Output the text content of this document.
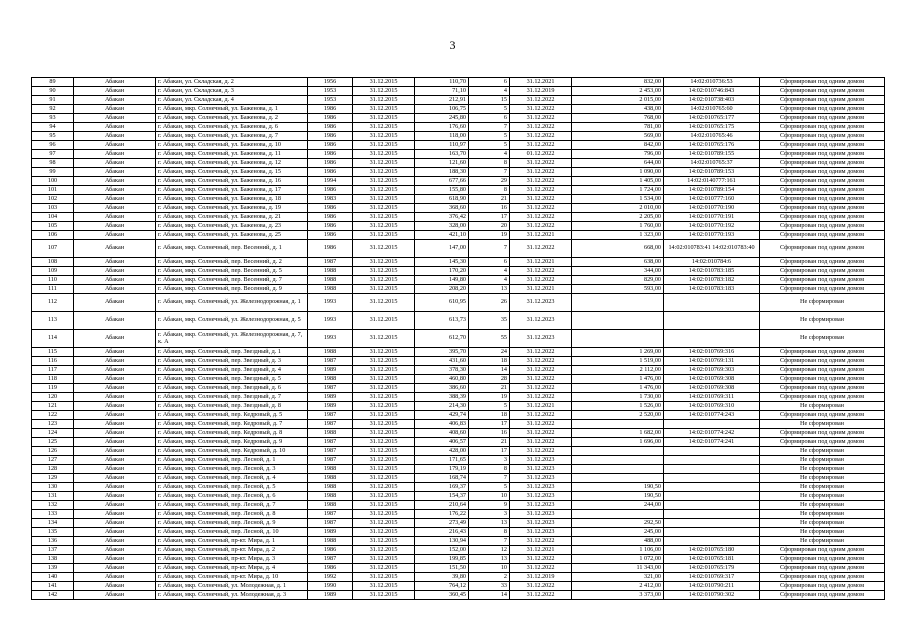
3
89	Абакан	г. Абакан, ул. Складская, д. 2	1956	31.12.2015	110,70	6	31.12.2021	832,00	14:02:010736:53	Сформирован под одним домом
90	Абакан	г. Абакан, ул. Складская, д. 3	1953	31.12.2015	71,10	4	31.12.2019	2 453,00	14:02:010746:843	Сформирован под одним домом
91	Абакан	г. Абакан, ул. Складская, д. 4	1953	31.12.2015	212,91	15	31.12.2022	2 015,00	14:02:010738:403	Сформирован под одним домом
92	Абакан	г. Абакан, мкр. Солнечный, ул. Баженова, д. 1	1986	31.12.2015	106,75	5	31.12.2022	438,00	14:02:010765:60	Сформирован под одним домом
93	Абакан	г. Абакан, мкр. Солнечный, ул. Баженова, д. 2	1986	31.12.2015	245,80	6	31.12.2022	768,00	14:02:010765:177	Сформирован под одним домом
94	Абакан	г. Абакан, мкр. Солнечный, ул. Баженова, д. 6	1986	31.12.2015	176,60	7	31.12.2022	781,00	14:02:010765:175	Сформирован под одним домом
95	Абакан	г. Абакан, мкр. Солнечный, ул. Баженова, д. 7	1986	31.12.2015	118,00	5	31.12.2022	569,00	14:02:010765:46	Сформирован под одним домом
96	Абакан	г. Абакан, мкр. Солнечный, ул. Баженова, д. 10	1986	31.12.2015	110,97	5	31.12.2022	842,00	14:02:010765:176	Сформирован под одним домом
97	Абакан	г. Абакан, мкр. Солнечный, ул. Баженова, д. 11	1986	31.12.2015	163,70	4	01.12.2022	796,00	14:02:010789:155	Сформирован под одним домом
98	Абакан	г. Абакан, мкр. Солнечный, ул. Баженова, д. 12	1986	31.12.2015	121,60	8	31.12.2022	644,00	14:02:010765:37	Сформирован под одним домом
99	Абакан	г. Абакан, мкр. Солнечный, ул. Баженова, д. 15	1986	31.12.2015	188,30	7	31.12.2022	1 090,00	14:02:010789:153	Сформирован под одним домом
100	Абакан	г. Абакан, мкр. Солнечный, ул. Баженова, д. 16	1994	31.12.2015	677,66	29	31.12.2022	1 405,00	14:02:0140777:161	Сформирован под одним домом
101	Абакан	г. Абакан, мкр. Солнечный, ул. Баженова, д. 17	1986	31.12.2015	155,80	8	31.12.2022	1 724,00	14:02:010789:154	Сформирован под одним домом
102	Абакан	г. Абакан, мкр. Солнечный, ул. Баженова, д. 18	1983	31.12.2015	618,90	21	31.12.2022	1 534,00	14:02:010777:160	Сформирован под одним домом
103	Абакан	г. Абакан, мкр. Солнечный, ул. Баженова, д. 19	1986	31.12.2015	368,60	16	31.12.2022	2 010,00	14:02:010770:190	Сформирован под одним домом
104	Абакан	г. Абакан, мкр. Солнечный, ул. Баженова, д. 21	1986	31.12.2015	376,42	17	31.12.2022	2 205,00	14:02:010770:191	Сформирован под одним домом
105	Абакан	г. Абакан, мкр. Солнечный, ул. Баженова, д. 23	1986	31.12.2015	328,00	20	31.12.2022	1 760,00	14:02:010770:192	Сформирован под одним домом
106	Абакан	г. Абакан, мкр. Солнечный, ул. Баженова, д. 25	1986	31.12.2015	421,10	19	31.12.2021	1 323,00	14:02:010770:193	Сформирован под одним домом
107	Абакан	г. Абакан, мкр. Солнечный, пер. Весенний, д. 1	1986	31.12.2015	147,00	7	31.12.2022	668,00	14:02:010783:41 14:02:010783:40	Сформирован под одним домом
108	Абакан	г. Абакан, мкр. Солнечный, пер. Весенний, д. 2	1987	31.12.2015	145,30	6	31.12.2021	638,00	14:02:010784:6	Сформирован под одним домом
109	Абакан	г. Абакан, мкр. Солнечный, пер. Весенний, д. 5	1988	31.12.2015	170,20	4	31.12.2022	344,00	14:02:010783:185	Сформирован под одним домом
110	Абакан	г. Абакан, мкр. Солнечный, пер. Весенний, д. 7	1988	31.12.2015	149,80	4	31.12.2022	829,00	14:02:010783:182	Сформирован под одним домом
111	Абакан	г. Абакан, мкр. Солнечный, пер. Весенний, д. 9	1988	31.12.2015	208,20	13	31.12.2021	593,00	14:02:010783:183	Сформирован под одним домом
112	Абакан	г. Абакан, мкр. Солнечный, ул. Железнодорожная, д. 1	1993	31.12.2015	610,95	26	31.12.2023			Не сформирован
113	Абакан	г. Абакан, мкр. Солнечный, ул. Железнодорожная, д. 5	1993	31.12.2015	613,73	35	31.12.2023			Не сформирован
114	Абакан	г. Абакан, мкр. Солнечный, ул. Железнодорожная, д. 7, к. А	1993	31.12.2015	612,70	55	31.12.2023			Не сформирован
115	Абакан	г. Абакан, мкр. Солнечный, пер. Звездный, д. 1	1988	31.12.2015	395,70	24	31.12.2022	1 269,00	14:02:010769:316	Сформирован под одним домом
116	Абакан	г. Абакан, мкр. Солнечный, пер. Звездный, д. 3	1987	31.12.2015	431,60	18	31.12.2022	1 519,00	14:02:010769:131	Сформирован под одним домом
117	Абакан	г. Абакан, мкр. Солнечный, пер. Звездный, д. 4	1989	31.12.2015	378,30	14	31.12.2022	2 112,00	14:02:010769:303	Сформирован под одним домом
118	Абакан	г. Абакан, мкр. Солнечный, пер. Звездный, д. 5	1988	31.12.2015	460,80	28	31.12.2022	1 476,00	14:02:010769:308	Сформирован под одним домом
119	Абакан	г. Абакан, мкр. Солнечный, пер. Звездный, д. 6	1987	31.12.2015	386,60	21	31.12.2022	1 476,00	14:02:010769:308	Сформирован под одним домом
120	Абакан	г. Абакан, мкр. Солнечный, пер. Звездный, д. 7	1989	31.12.2015	388,39	19	31.12.2022	1 730,00	14:02:010769:311	Сформирован под одним домом
121	Абакан	г. Абакан, мкр. Солнечный, пер. Звездный, д. 8	1989	31.12.2015	214,30	5	31.12.2021	1 526,00	14:02:010769:310	Не сформирован
122	Абакан	г. Абакан, мкр. Солнечный, пер. Кедровый, д. 5	1987	31.12.2015	429,74	18	31.12.2022	2 520,00	14:02:010774:243	Сформирован под одним домом
123	Абакан	г. Абакан, мкр. Солнечный, пер. Кедровый, д. 7	1987	31.12.2015	406,83	17	31.12.2022			Не сформирован
124	Абакан	г. Абакан, мкр. Солнечный, пер. Кедровый, д. 8	1988	31.12.2015	408,60	16	31.12.2022	1 682,00	14:02:010774:242	Сформирован под одним домом
125	Абакан	г. Абакан, мкр. Солнечный, пер. Кедровый, д. 9	1987	31.12.2015	406,57	21	31.12.2022	1 696,00	14:02:010774:241	Сформирован под одним домом
126	Абакан	г. Абакан, мкр. Солнечный, пер. Кедровый, д. 10	1987	31.12.2015	428,00	17	31.12.2022			Не сформирован
127	Абакан	г. Абакан, мкр. Солнечный, пер. Лесной, д. 1	1987	31.12.2015	171,65	3	31.12.2023			Не сформирован
128	Абакан	г. Абакан, мкр. Солнечный, пер. Лесной, д. 3	1988	31.12.2015	179,19	8	31.12.2023			Не сформирован
129	Абакан	г. Абакан, мкр. Солнечный, пер. Лесной, д. 4	1988	31.12.2015	168,74	7	31.12.2023			Не сформирован
130	Абакан	г. Абакан, мкр. Солнечный, пер. Лесной, д. 5	1988	31.12.2015	169,37	5	31.12.2023	190,50		Не сформирован
131	Абакан	г. Абакан, мкр. Солнечный, пер. Лесной, д. 6	1988	31.12.2015	154,37	10	31.12.2023	190,50		Не сформирован
132	Абакан	г. Абакан, мкр. Солнечный, пер. Лесной, д. 7	1988	31.12.2015	210,64	9	31.12.2023	244,00		Не сформирован
133	Абакан	г. Абакан, мкр. Солнечный, пер. Лесной, д. 8	1987	31.12.2015	176,22	3	31.12.2023			Не сформирован
134	Абакан	г. Абакан, мкр. Солнечный, пер. Лесной, д. 9	1987	31.12.2015	273,49	13	31.12.2023	292,50		Не сформирован
135	Абакан	г. Абакан, мкр. Солнечный, пер. Лесной, д. 10	1989	31.12.2015	216,43	8	31.12.2023	245,00		Не сформирован
136	Абакан	г. Абакан, мкр. Солнечный, пр-кт. Мира, д. 1	1988	31.12.2015	130,94	7	31.12.2022	488,00		Не сформирован
137	Абакан	г. Абакан, мкр. Солнечный, пр-кт. Мира, д. 2	1986	31.12.2015	152,00	12	31.12.2021	1 106,00	14:02:010765:180	Сформирован под одним домом
138	Абакан	г. Абакан, мкр. Солнечный, пр-кт. Мира, д. 3	1987	31.12.2015	199,85	13	31.12.2022	1 072,00	14:02:010765:181	Сформирован под одним домом
139	Абакан	г. Абакан, мкр. Солнечный, пр-кт. Мира, д. 4	1986	31.12.2015	151,50	10	31.12.2022	11 343,00	14:02:010765:179	Сформирован под одним домом
140	Абакан	г. Абакан, мкр. Солнечный, пр-кт. Мира, д. 10	1992	31.12.2015	39,80	2	31.12.2019	321,00	14:02:010769:317	Сформирован под одним домом
141	Абакан	г. Абакан, мкр. Солнечный, ул. Молодежная, д. 1	1990	31.12.2015	764,12	33	31.12.2022	2 412,00	14:02:010790:211	Сформирован под одним домом
142	Абакан	г. Абакан, мкр. Солнечный, ул. Молодежная, д. 3	1989	31.12.2015	360,45	14	31.12.2022	3 373,00	14:02:010790:302	Сформирован под одним домом
